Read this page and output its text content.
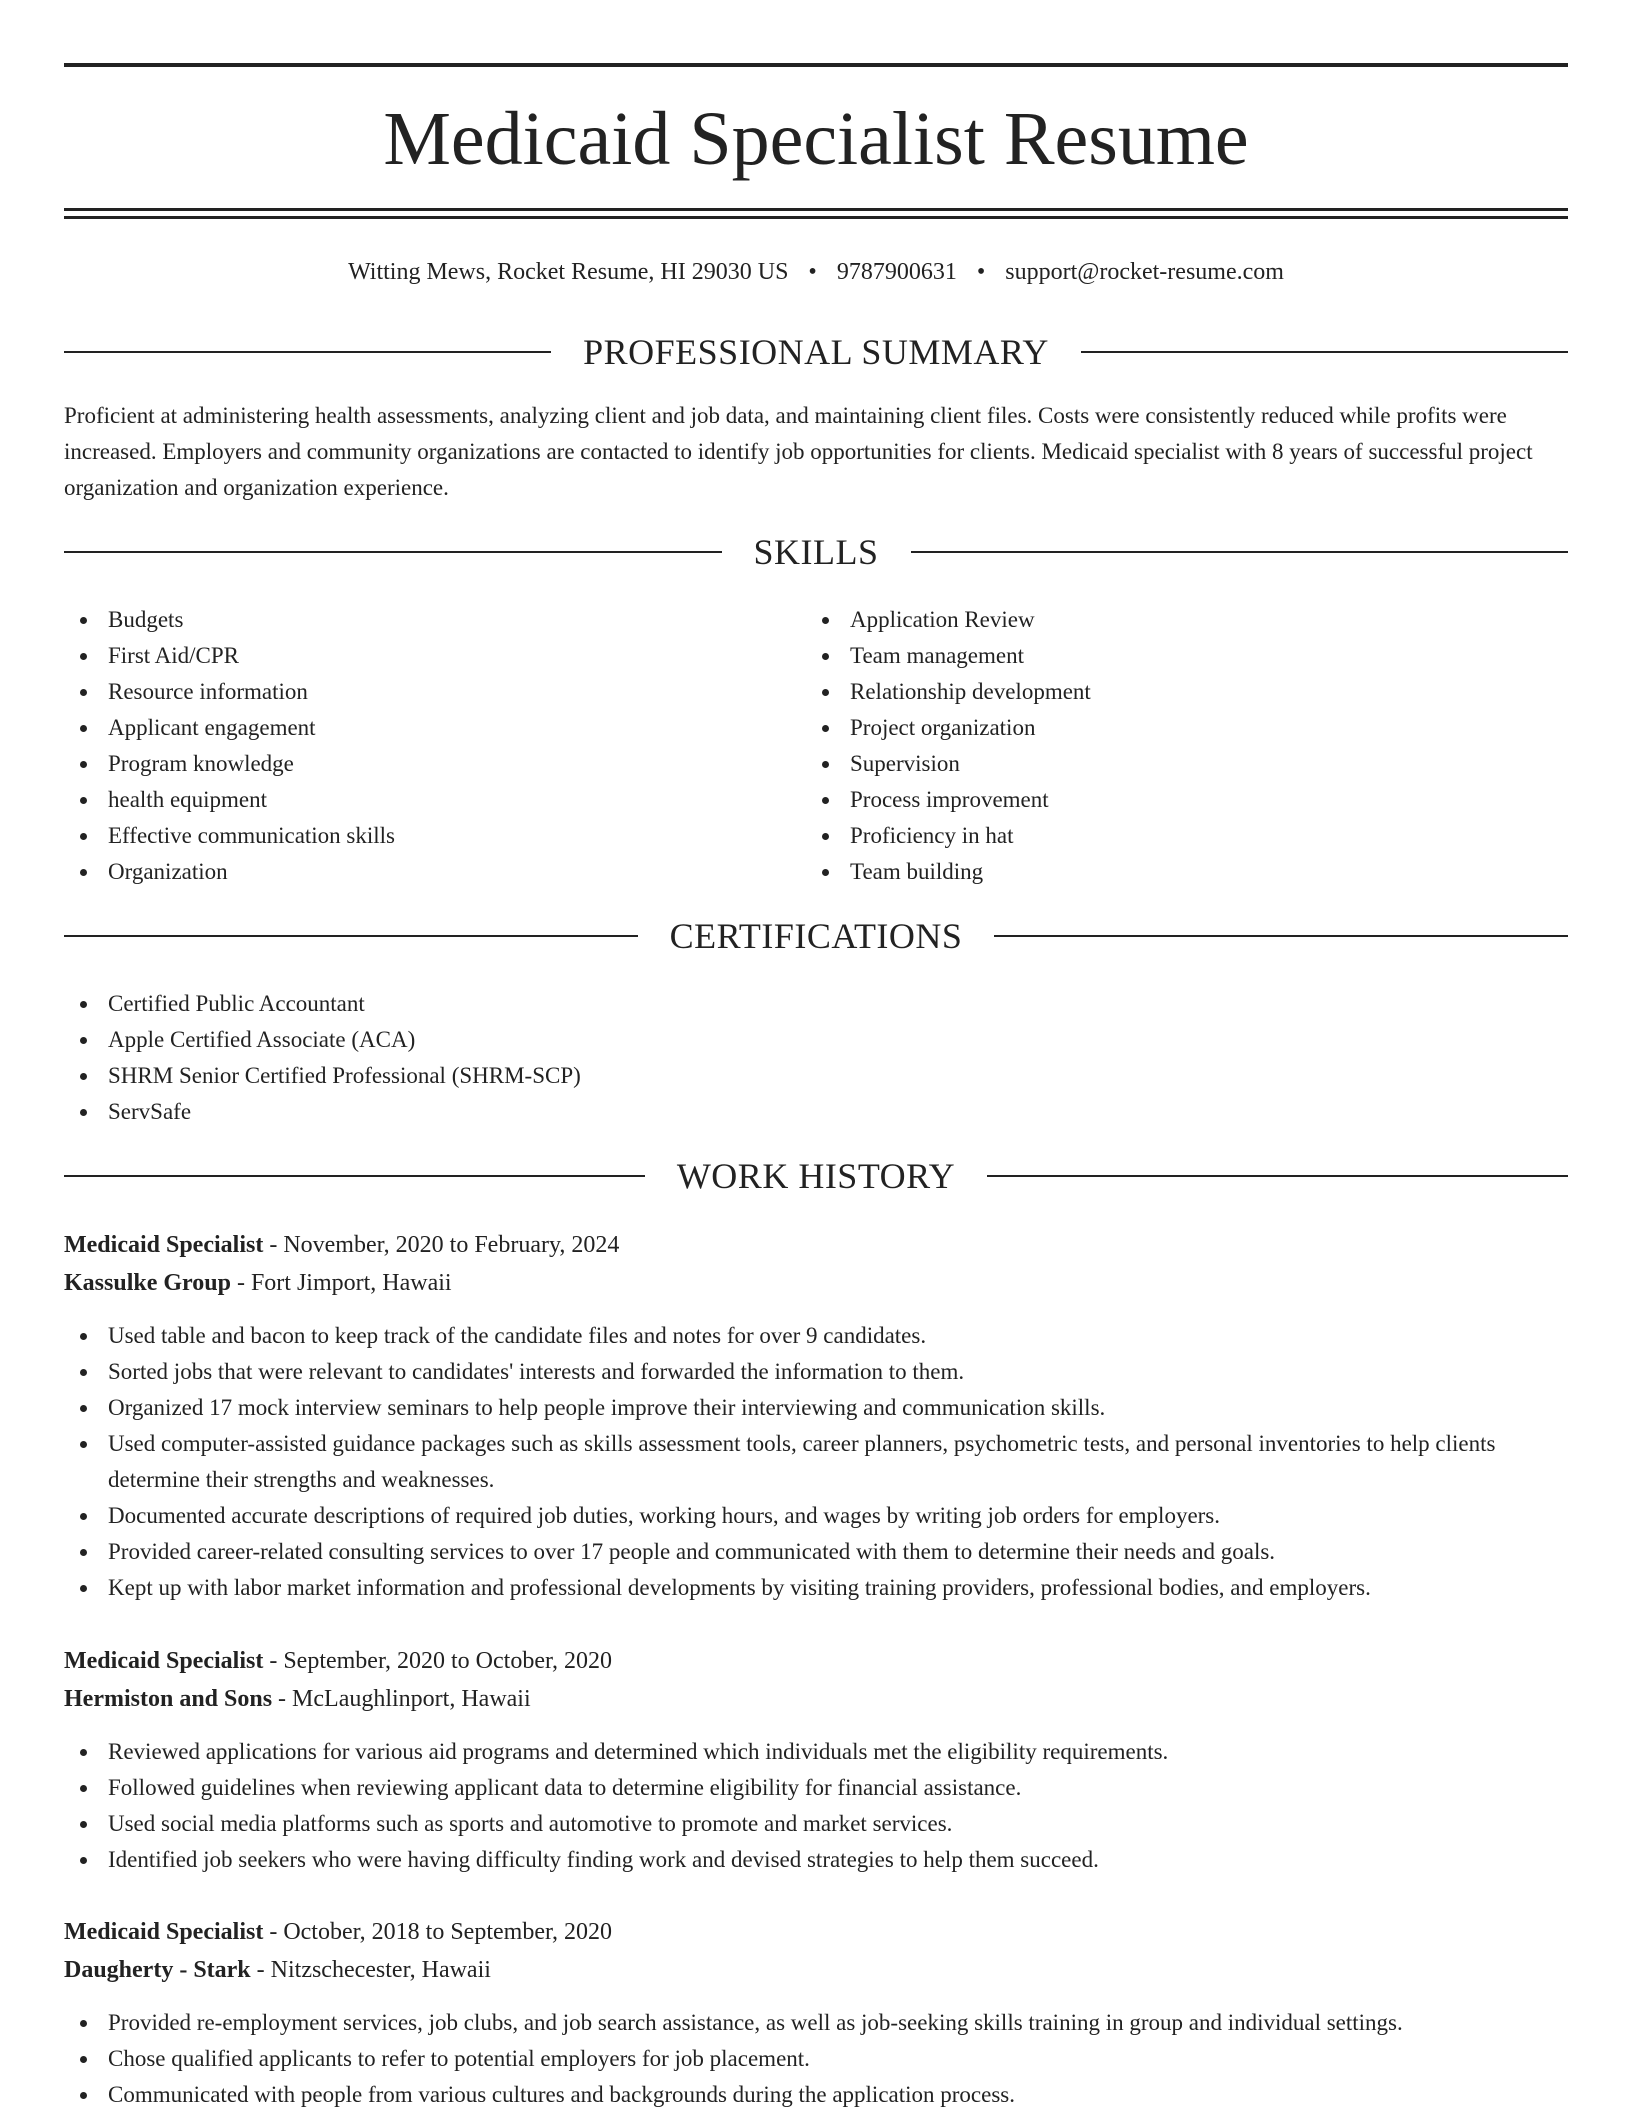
Medicaid Specialist Resume
Witting Mews, Rocket Resume, HI 29030 US • 9787900631 • support@rocket-resume.com
PROFESSIONAL SUMMARY

Proficient at administering health assessments, analyzing client and job data, and maintaining client files. Costs were consistently reduced while profits were increased. Employers and community organizations are contacted to identify job opportunities for clients. Medicaid specialist with 8 years of successful project organization and organization experience.

SKILLS
Budgets
First Aid/CPR
Resource information
Applicant engagement
Program knowledge
health equipment
Effective communication skills
Organization
Application Review
Team management
Relationship development
Project organization
Supervision
Process improvement
Proficiency in hat
Team building
CERTIFICATIONS
Certified Public Accountant
Apple Certified Associate (ACA)
SHRM Senior Certified Professional (SHRM-SCP)
ServSafe
WORK HISTORY
Medicaid Specialist - November, 2020 to February, 2024
Kassulke Group - Fort Jimport, Hawaii
Used table and bacon to keep track of the candidate files and notes for over 9 candidates.
Sorted jobs that were relevant to candidates' interests and forwarded the information to them.
Organized 17 mock interview seminars to help people improve their interviewing and communication skills.
Used computer-assisted guidance packages such as skills assessment tools, career planners, psychometric tests, and personal inventories to help clients determine their strengths and weaknesses.
Documented accurate descriptions of required job duties, working hours, and wages by writing job orders for employers.
Provided career-related consulting services to over 17 people and communicated with them to determine their needs and goals.
Kept up with labor market information and professional developments by visiting training providers, professional bodies, and employers.
Medicaid Specialist - September, 2020 to October, 2020
Hermiston and Sons - McLaughlinport, Hawaii
Reviewed applications for various aid programs and determined which individuals met the eligibility requirements.
Followed guidelines when reviewing applicant data to determine eligibility for financial assistance.
Used social media platforms such as sports and automotive to promote and market services.
Identified job seekers who were having difficulty finding work and devised strategies to help them succeed.
Medicaid Specialist - October, 2018 to September, 2020
Daugherty - Stark - Nitzschecester, Hawaii
Provided re-employment services, job clubs, and job search assistance, as well as job-seeking skills training in group and individual settings.
Chose qualified applicants to refer to potential employers for job placement.
Communicated with people from various cultures and backgrounds during the application process.
